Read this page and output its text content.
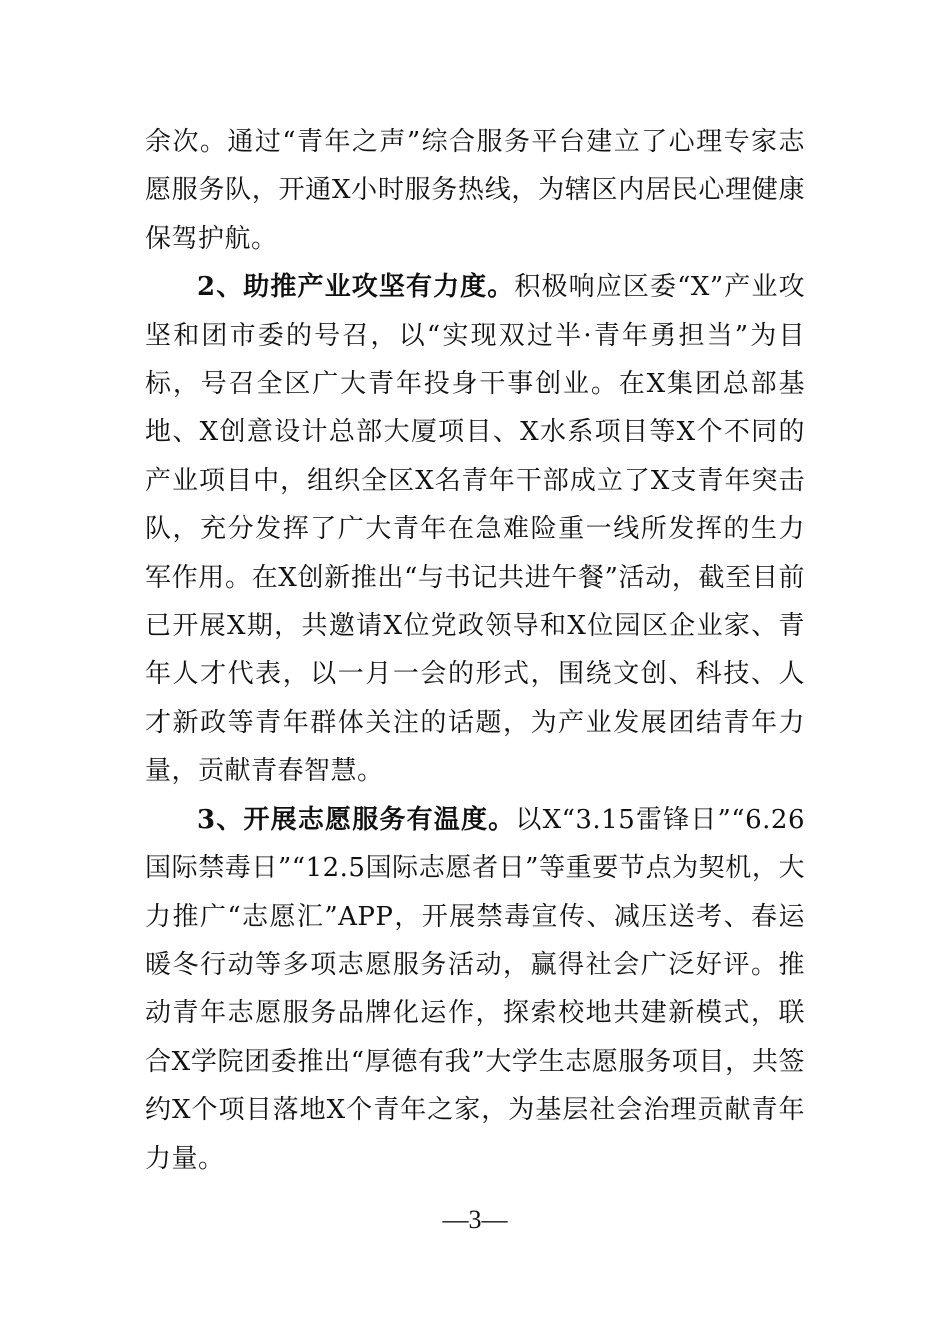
余次。通过“青年之声”综合服务平台建立了心理专家志愿服务队，开通X小时服务热线，为辖区内居民心理健康保驾护航。

2、助推产业攻坚有力度。积极响应区委“X”产业攻坚和团市委的号召，以“实现双过半·青年勇担当”为目标，号召全区广大青年投身干事创业。在X集团总部基地、X创意设计总部大厦项目、X水系项目等X个不同的产业项目中，组织全区X名青年干部成立了X支青年突击队，充分发挥了广大青年在急难险重一线所发挥的生力军作用。在X创新推出“与书记共进午餐”活动，截至目前已开展X期，共邀请X位党政领导和X位园区企业家、青年人才代表，以一月一会的形式，围绕文创、科技、人才新政等青年群体关注的话题，为产业发展团结青年力量，贡献青春智慧。

3、开展志愿服务有温度。以X“3.15雷锋日”“6.26国际禁毒日”“12.5国际志愿者日”等重要节点为契机，大力推广“志愿汇”APP，开展禁毒宣传、减压送考、春运暖冬行动等多项志愿服务活动，赢得社会广泛好评。推动青年志愿服务品牌化运作，探索校地共建新模式，联合X学院团委推出“厚德有我”大学生志愿服务项目，共签约X个项目落地X个青年之家，为基层社会治理贡献青年力量。

—3—
